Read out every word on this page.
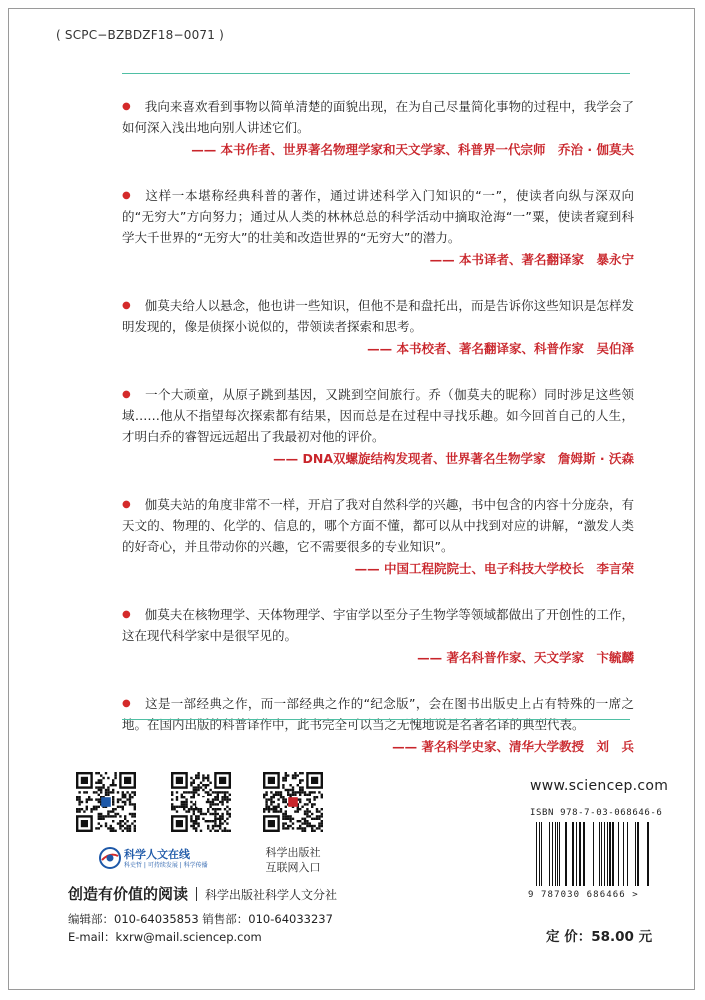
( SCPC−BZBDZF18−0071 )
● 我向来喜欢看到事物以简单清楚的面貌出现，在为自己尽量简化事物的过程中，我学会了如何深入浅出地向别人讲述它们。
—— 本书作者、世界著名物理学家和天文学家、科普界一代宗师　乔治 · 伽莫夫
● 这样一本堪称经典科普的著作，通过讲述科学入门知识的“一”，使读者向纵与深双向的“无穷大”方向努力；通过从人类的林林总总的科学活动中摘取沧海“一”粟，使读者窥到科学大千世界的“无穷大”的壮美和改造世界的“无穷大”的潜力。
—— 本书译者、著名翻译家　暴永宁
● 伽莫夫给人以悬念，他也讲一些知识，但他不是和盘托出，而是告诉你这些知识是怎样发明发现的，像是侦探小说似的，带领读者探索和思考。
—— 本书校者、著名翻译家、科普作家　吴伯泽
● 一个大顽童，从原子跳到基因，又跳到空间旅行。乔（伽莫夫的昵称）同时涉足这些领域……他从不指望每次探索都有结果，因而总是在过程中寻找乐趣。如今回首自己的人生，才明白乔的睿智远远超出了我最初对他的评价。
—— DNA双螺旋结构发现者、世界著名生物学家　詹姆斯 · 沃森
● 伽莫夫站的角度非常不一样，开启了我对自然科学的兴趣，书中包含的内容十分庞杂，有天文的、物理的、化学的、信息的，哪个方面不懂，都可以从中找到对应的讲解，“激发人类的好奇心，并且带动你的兴趣，它不需要很多的专业知识”。
—— 中国工程院院士、电子科技大学校长　李言荣
● 伽莫夫在核物理学、天体物理学、宇宙学以至分子生物学等领域都做出了开创性的工作，这在现代科学家中是很罕见的。
—— 著名科普作家、天文学家　卞毓麟
● 这是一部经典之作，而一部经典之作的“纪念版”，会在图书出版史上占有特殊的一席之地。在国内出版的科普译作中，此书完全可以当之无愧地说是名著名译的典型代表。
—— 著名科学史家、清华大学教授　刘　兵
科学人文在线
科史哲 | 可持续发展 | 科学传播
科学出版社
互联网入口
创造有价值的阅读 科学出版社科学人文分社
编辑部：010-64035853 销售部：010-64033237
E-mail：kxrw@mail.sciencep.com
www.sciencep.com
ISBN 978-7-03-068646-6
9 787030 686466 >
定 价：58.00 元
